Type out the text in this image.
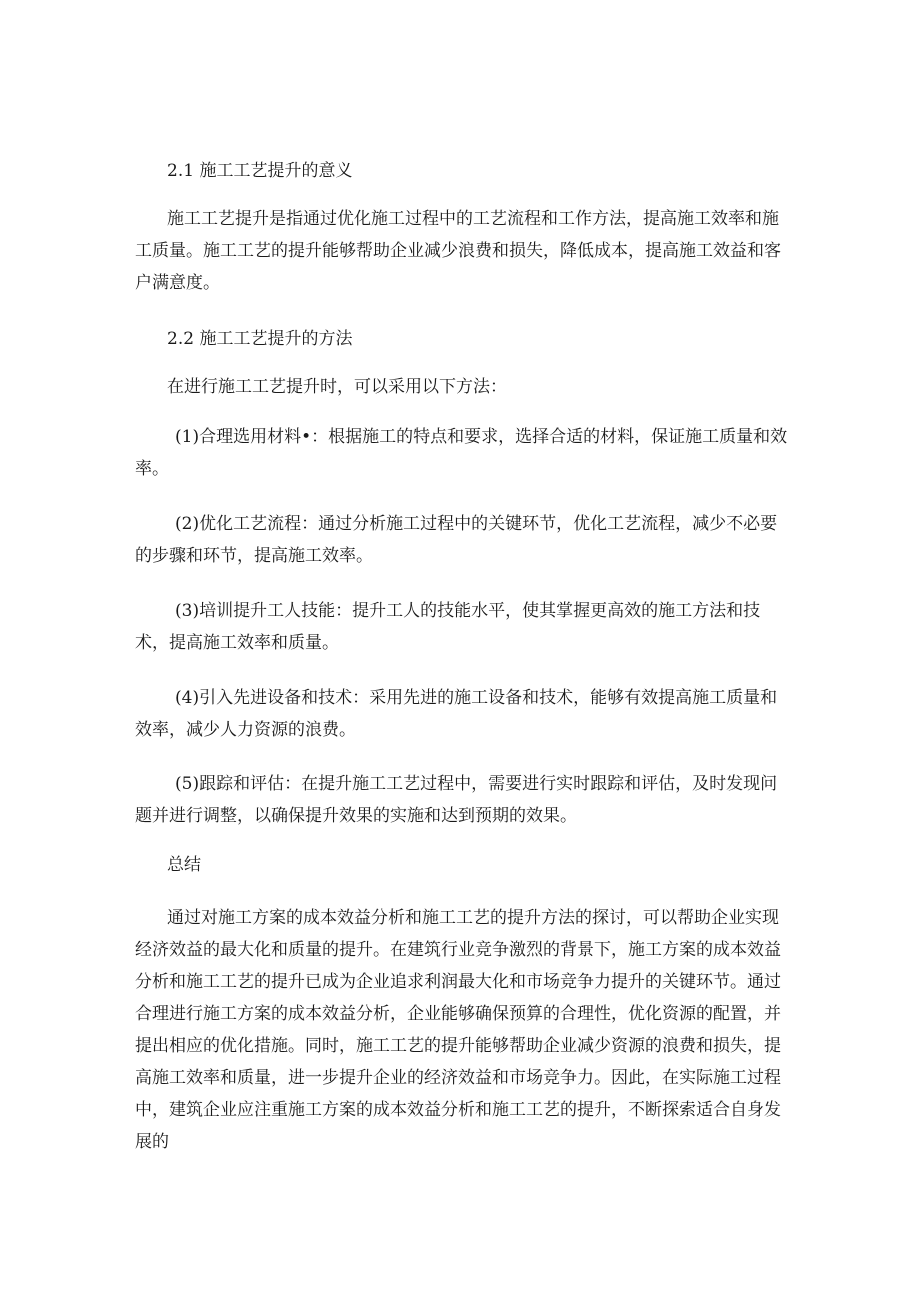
2.1 施工工艺提升的意义

施工工艺提升是指通过优化施工过程中的工艺流程和工作方法，提高施工效率和施工质量。施工工艺的提升能够帮助企业减少浪费和损失，降低成本，提高施工效益和客户满意度。

2.2 施工工艺提升的方法

在进行施工工艺提升时，可以采用以下方法：

(1)合理选用材料•：根据施工的特点和要求，选择合适的材料，保证施工质量和效率。

(2)优化工艺流程：通过分析施工过程中的关键环节，优化工艺流程，减少不必要的步骤和环节，提高施工效率。

(3)培训提升工人技能：提升工人的技能水平，使其掌握更高效的施工方法和技术，提高施工效率和质量。

(4)引入先进设备和技术：采用先进的施工设备和技术，能够有效提高施工质量和效率，减少人力资源的浪费。

(5)跟踪和评估：在提升施工工艺过程中，需要进行实时跟踪和评估，及时发现问题并进行调整，以确保提升效果的实施和达到预期的效果。

总结

通过对施工方案的成本效益分析和施工工艺的提升方法的探讨，可以帮助企业实现经济效益的最大化和质量的提升。在建筑行业竞争激烈的背景下，施工方案的成本效益分析和施工工艺的提升已成为企业追求利润最大化和市场竞争力提升的关键环节。通过合理进行施工方案的成本效益分析，企业能够确保预算的合理性，优化资源的配置，并提出相应的优化措施。同时，施工工艺的提升能够帮助企业减少资源的浪费和损失，提高施工效率和质量，进一步提升企业的经济效益和市场竞争力。因此，在实际施工过程中，建筑企业应注重施工方案的成本效益分析和施工工艺的提升，不断探索适合自身发展的
